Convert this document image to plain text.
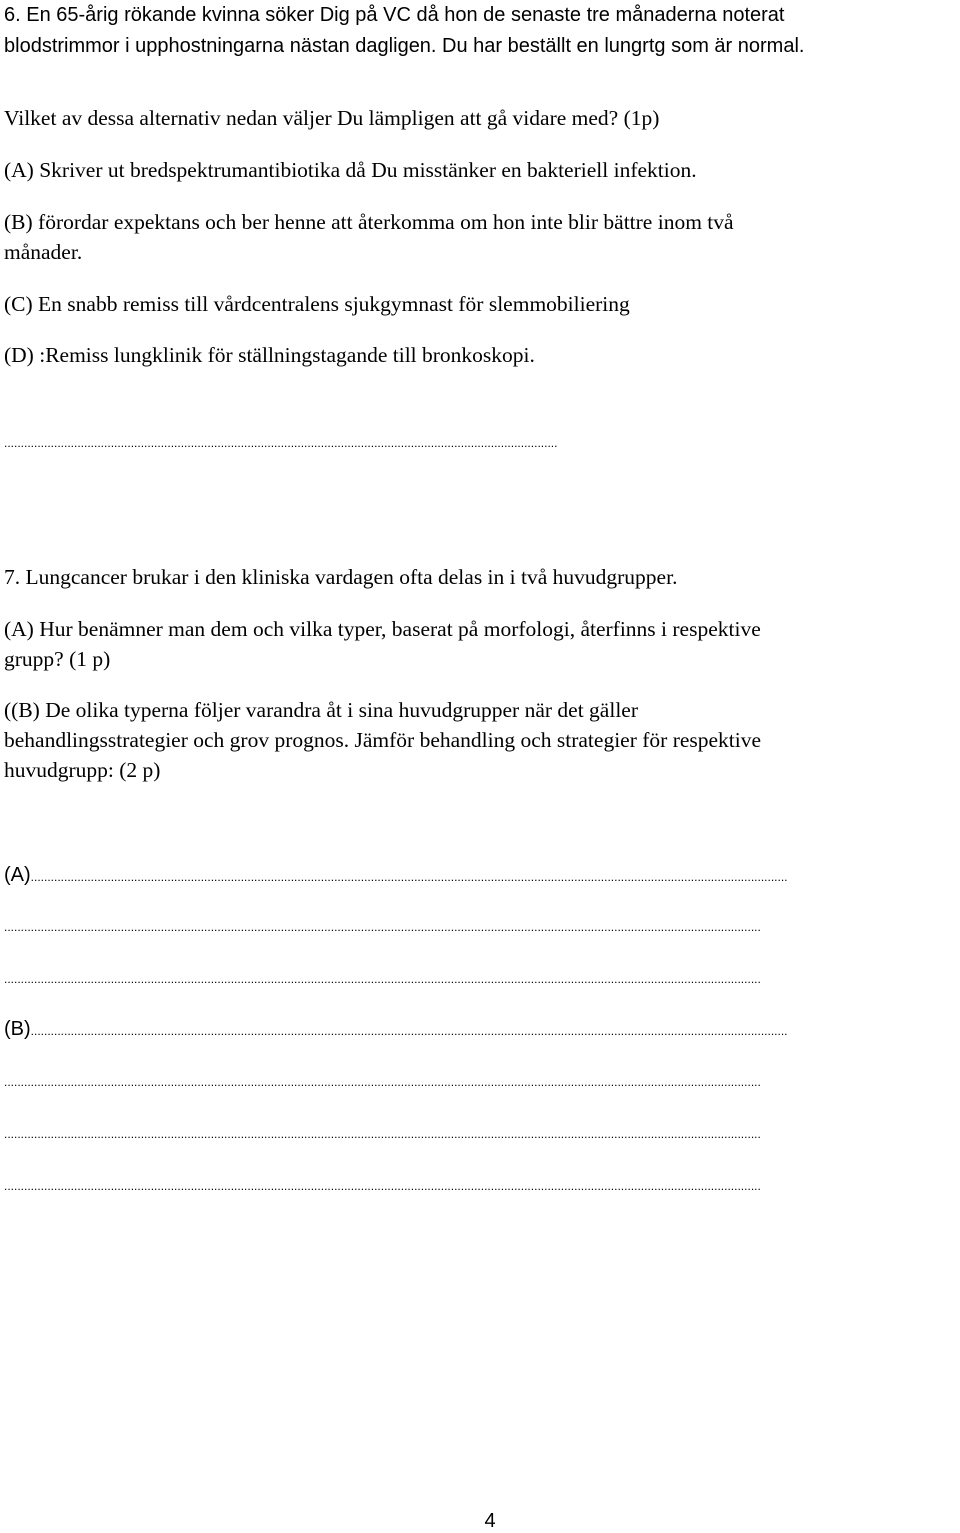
6. En 65-årig rökande kvinna söker Dig på VC då hon de senaste tre månaderna noterat
blodstrimmor i upphostningarna nästan dagligen. Du har beställt en lungrtg som är normal.
Vilket av dessa alternativ nedan väljer Du lämpligen att gå vidare med? (1p)
(A) Skriver ut bredspektrumantibiotika då Du misstänker en bakteriell infektion.
(B) förordar expektans och ber henne att återkomma om hon inte blir bättre inom två
månader.
(C) En snabb remiss till vårdcentralens sjukgymnast för slemmobiliering
(D) :Remiss lungklinik för ställningstagande till bronkoskopi.
......................................................................................................................................................................
7. Lungcancer brukar i den kliniska vardagen ofta delas in i två huvudgrupper.
(A) Hur benämner man dem och vilka typer, baserat på morfologi, återfinns i respektive
grupp? (1 p)
((B) De olika typerna följer varandra åt i sina huvudgrupper när det gäller
behandlingsstrategier och grov prognos. Jämför behandling och strategier för respektive
huvudgrupp: (2 p)
(A) ...................................................................................................................................................................................................................................
...................................................................................................................................................................................................................................
...................................................................................................................................................................................................................................
(B) ...................................................................................................................................................................................................................................
...................................................................................................................................................................................................................................
...................................................................................................................................................................................................................................
...................................................................................................................................................................................................................................
4
